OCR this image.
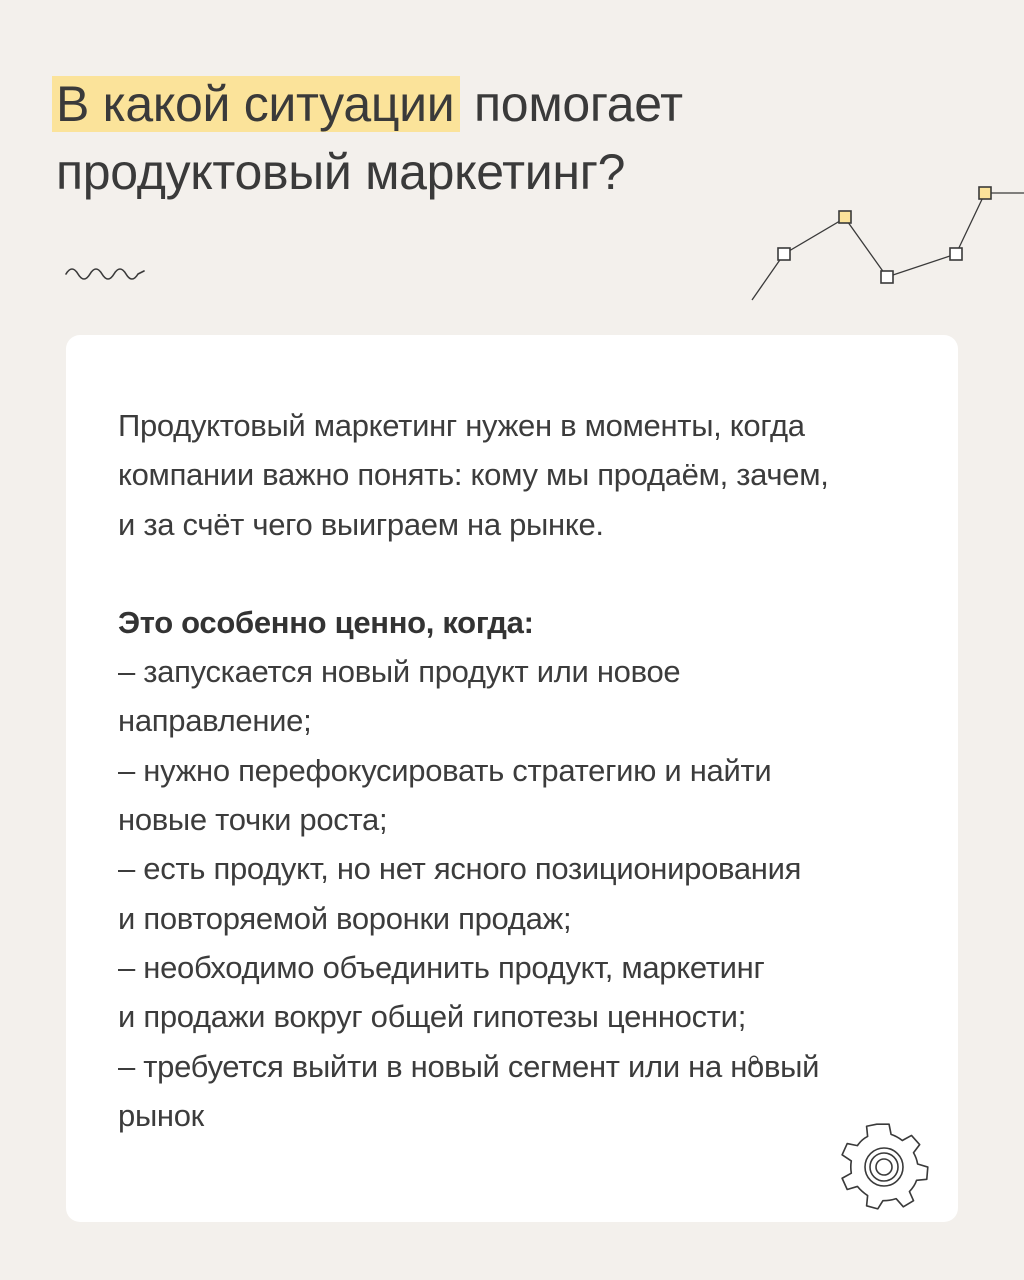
В какой ситуации помогает
продуктовый маркетинг?

Продуктовый маркетинг нужен в моменты, когда
компании важно понять: кому мы продаём, зачем,
и за счёт чего выиграем на рынке.

Это особенно ценно, когда:

– запускается новый продукт или новое
направление;
– нужно перефокусировать стратегию и найти
новые точки роста;
– есть продукт, но нет ясного позиционирования
и повторяемой воронки продаж;
– необходимо объединить продукт, маркетинг
и продажи вокруг общей гипотезы ценности;
– требуется выйти в новый сегмент или на новый
рынок
